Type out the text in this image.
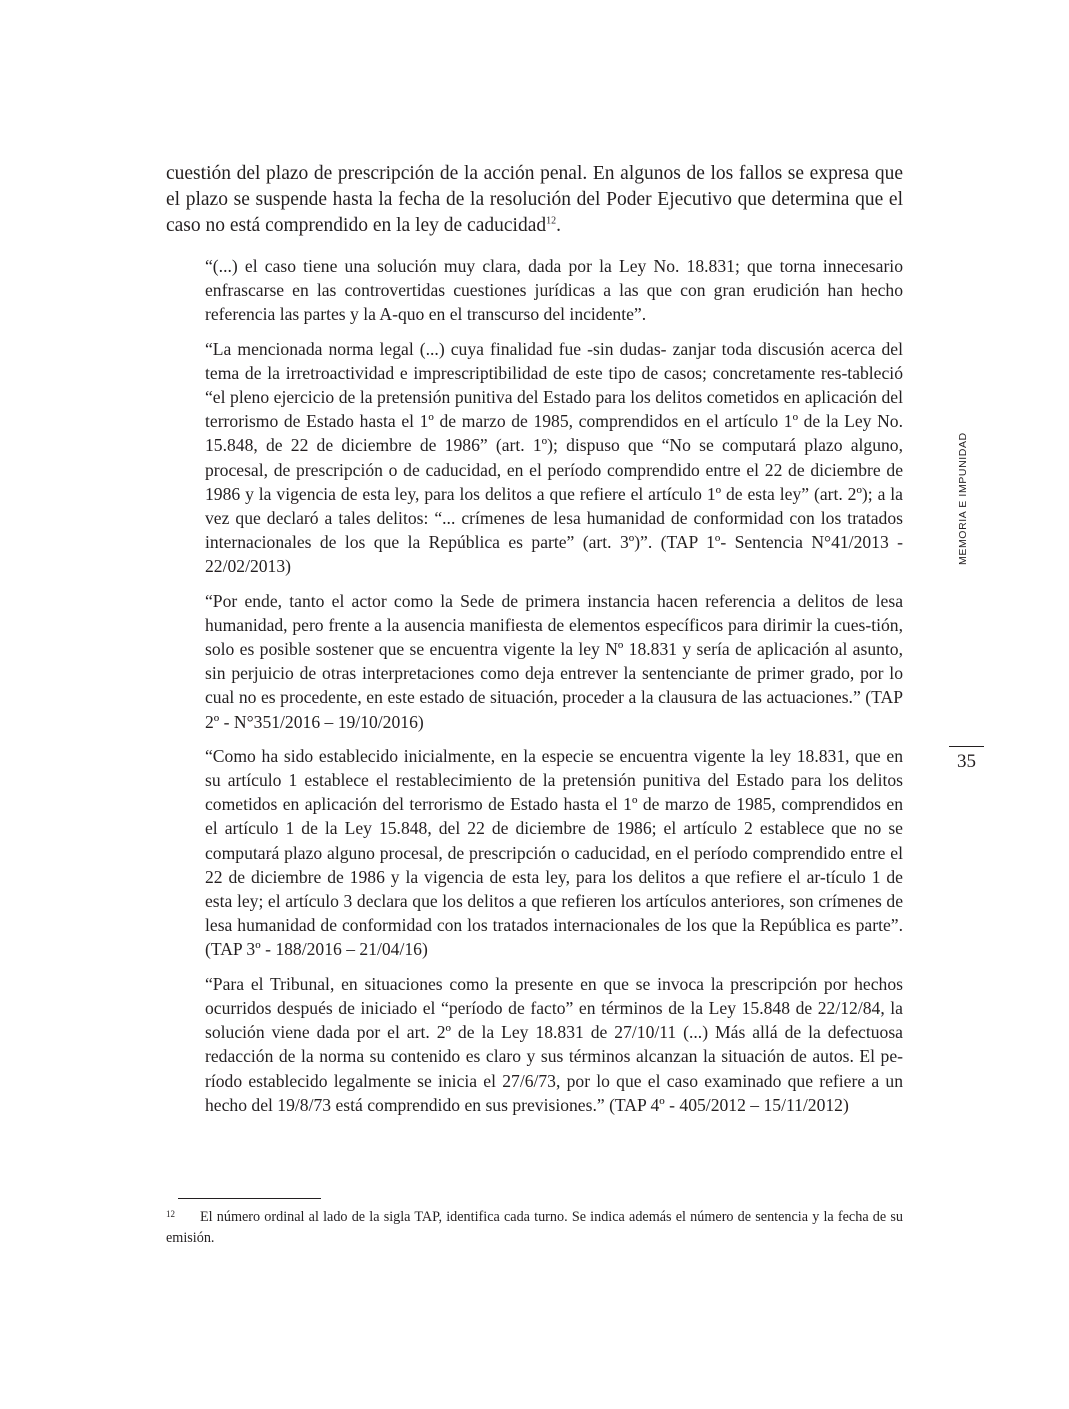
cuestión del plazo de prescripción de la acción penal. En algunos de los fallos se expresa que el plazo se suspende hasta la fecha de la resolución del Poder Ejecutivo que determina que el caso no está comprendido en la ley de caducidad$^{12}$.

“(...) el caso tiene una solución muy clara, dada por la Ley No. 18.831; que torna innecesario enfrascarse en las controvertidas cuestiones jurídicas a las que con gran erudición han hecho referencia las partes y la A-quo en el transcurso del incidente”.

“La mencionada norma legal (...) cuya finalidad fue -sin dudas- zanjar toda discusión acerca del tema de la irretroactividad e imprescriptibilidad de este tipo de casos; concretamente res-tableció “el pleno ejercicio de la pretensión punitiva del Estado para los delitos cometidos en aplicación del terrorismo de Estado hasta el 1º de marzo de 1985, comprendidos en el artículo 1º de la Ley No. 15.848, de 22 de diciembre de 1986” (art. 1º); dispuso que “No se computará plazo alguno, procesal, de prescripción o de caducidad, en el período comprendido entre el 22 de diciembre de 1986 y la vigencia de esta ley, para los delitos a que refiere el artículo 1º de esta ley” (art. 2º); a la vez que declaró a tales delitos: “... crímenes de lesa humanidad de conformidad con los tratados internacionales de los que la República es parte” (art. 3º)”. (TAP 1º- Sentencia N°41/2013 - 22/02/2013)

“Por ende, tanto el actor como la Sede de primera instancia hacen referencia a delitos de lesa humanidad, pero frente a la ausencia manifiesta de elementos específicos para dirimir la cues-tión, solo es posible sostener que se encuentra vigente la ley Nº 18.831 y sería de aplicación al asunto, sin perjuicio de otras interpretaciones como deja entrever la sentenciante de primer grado, por lo cual no es procedente, en este estado de situación, proceder a la clausura de las actuaciones.” (TAP 2º - N°351/2016 – 19/10/2016)

“Como ha sido establecido inicialmente, en la especie se encuentra vigente la ley 18.831, que en su artículo 1 establece el restablecimiento de la pretensión punitiva del Estado para los delitos cometidos en aplicación del terrorismo de Estado hasta el 1º de marzo de 1985, comprendidos en el artículo 1 de la Ley 15.848, del 22 de diciembre de 1986; el artículo 2 establece que no se computará plazo alguno procesal, de prescripción o caducidad, en el período comprendido entre el 22 de diciembre de 1986 y la vigencia de esta ley, para los delitos a que refiere el ar-tículo 1 de esta ley; el artículo 3 declara que los delitos a que refieren los artículos anteriores, son crímenes de lesa humanidad de conformidad con los tratados internacionales de los que la República es parte”. (TAP 3º - 188/2016 – 21/04/16)

“Para el Tribunal, en situaciones como la presente en que se invoca la prescripción por hechos ocurridos después de iniciado el “período de facto” en términos de la Ley 15.848 de 22/12/84, la solución viene dada por el art. 2º de la Ley 18.831 de 27/10/11 (...) Más allá de la defectuosa redacción de la norma su contenido es claro y sus términos alcanzan la situación de autos. El pe-ríodo establecido legalmente se inicia el 27/6/73, por lo que el caso examinado que refiere a un hecho del 19/8/73 está comprendido en sus previsiones.” (TAP 4º - 405/2012 – 15/11/2012)

MEMORIA E IMPUNIDAD
35

12 El número ordinal al lado de la sigla TAP, identifica cada turno. Se indica además el número de sentencia y la fecha de su emisión.
